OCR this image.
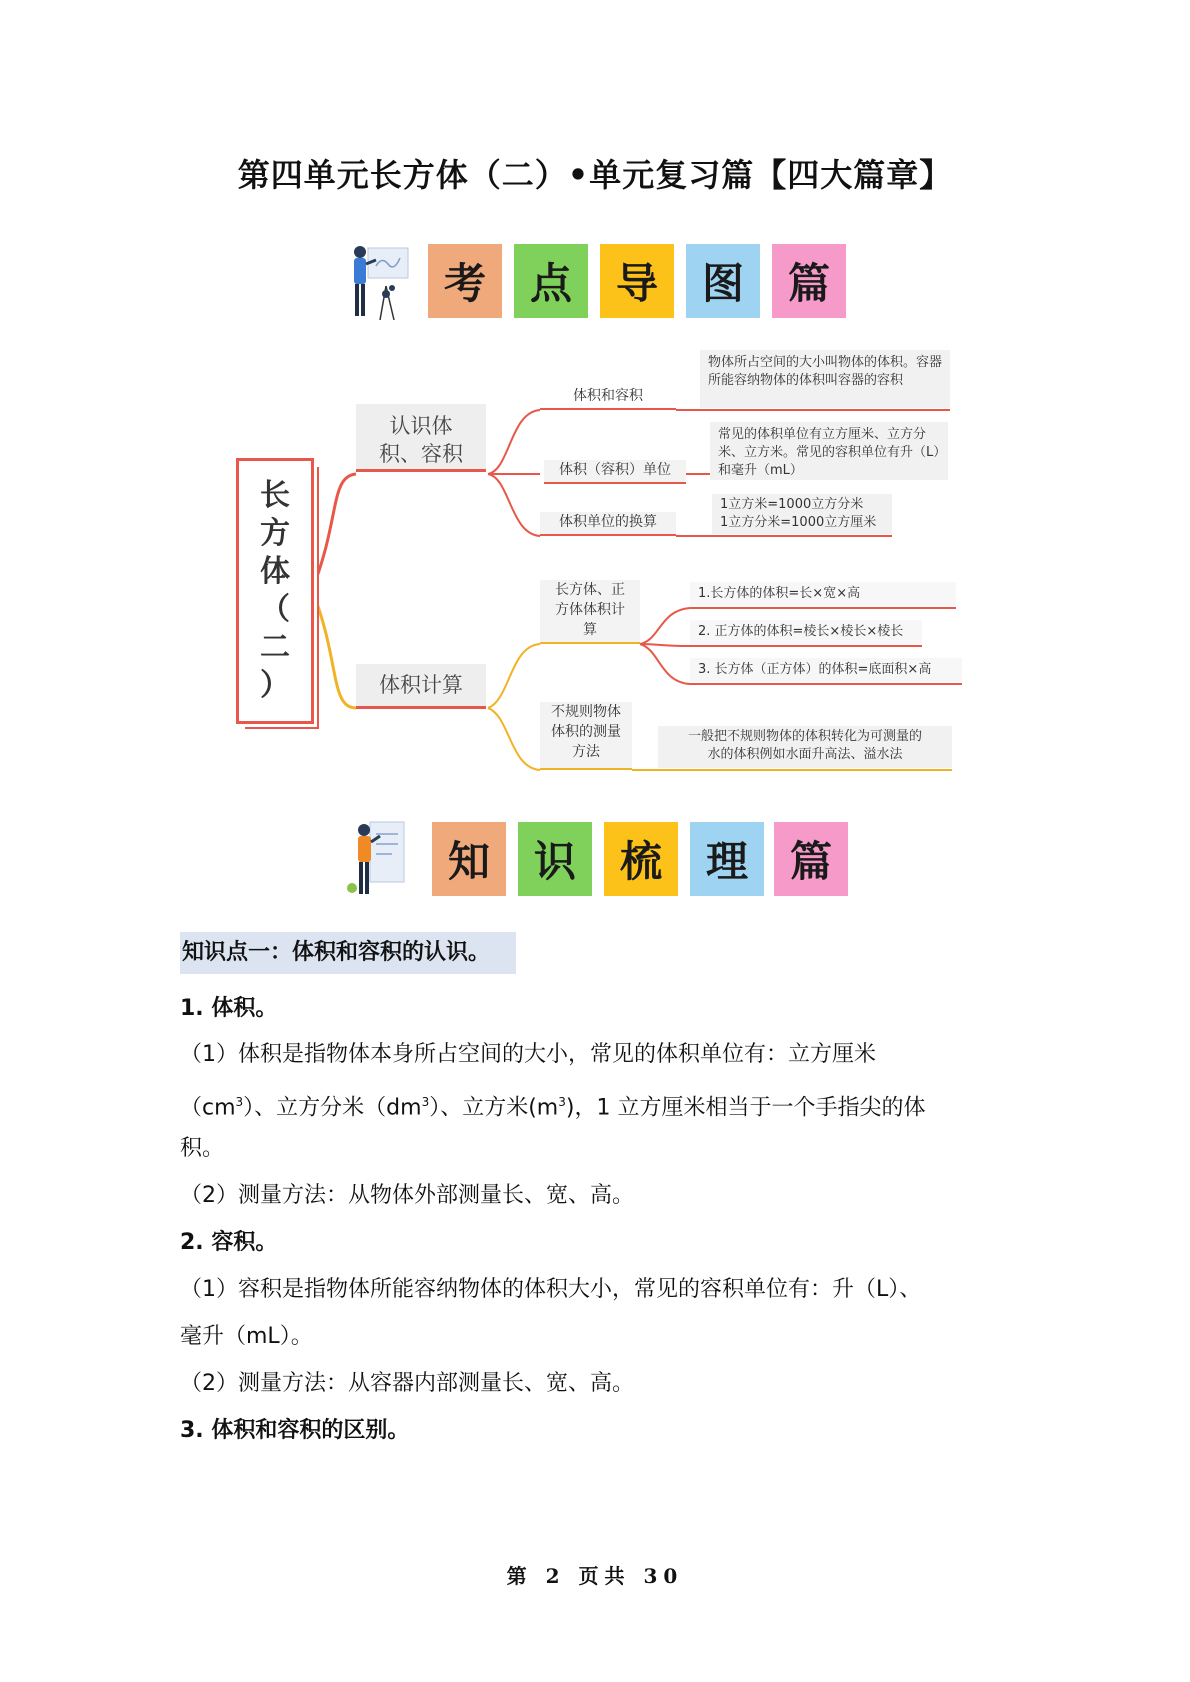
第四单元长方体（二）•单元复习篇【四大篇章】
考 点 导 图 篇
长
方
体
（
二
）
认识体
积、容积
体积计算
体积和容积
物体所占空间的大小叫物体的体积。容器所能容纳物体的体积叫容器的容积
体积（容积）单位
常见的体积单位有立方厘米、立方分米、立方米。常见的容积单位有升（L）和毫升（mL）
体积单位的换算
1立方米=1000立方分米
1立方分米=1000立方厘米
长方体、正
方体体积计
算
1.长方体的体积=长×宽×高
2. 正方体的体积=棱长×棱长×棱长
3. 长方体（正方体）的体积=底面积×高
不规则物体
体积的测量
方法
一般把不规则物体的体积转化为可测量的
水的体积例如水面升高法、溢水法
知 识 梳 理 篇
知识点一：体积和容积的认识。
1. 体积。
（1）体积是指物体本身所占空间的大小，常见的体积单位有：立方厘米
$(cm^3)$、立方分米$(dm^3)$、立方米$(m^3)$，1 立方厘米相当于一个手指尖的体
积。
（2）测量方法：从物体外部测量长、宽、高。
2. 容积。
（1）容积是指物体所能容纳物体的体积大小，常见的容积单位有：升（L）、
毫升（mL）。
（2）测量方法：从容器内部测量长、宽、高。
3. 体积和容积的区别。
第 2 页共 30
